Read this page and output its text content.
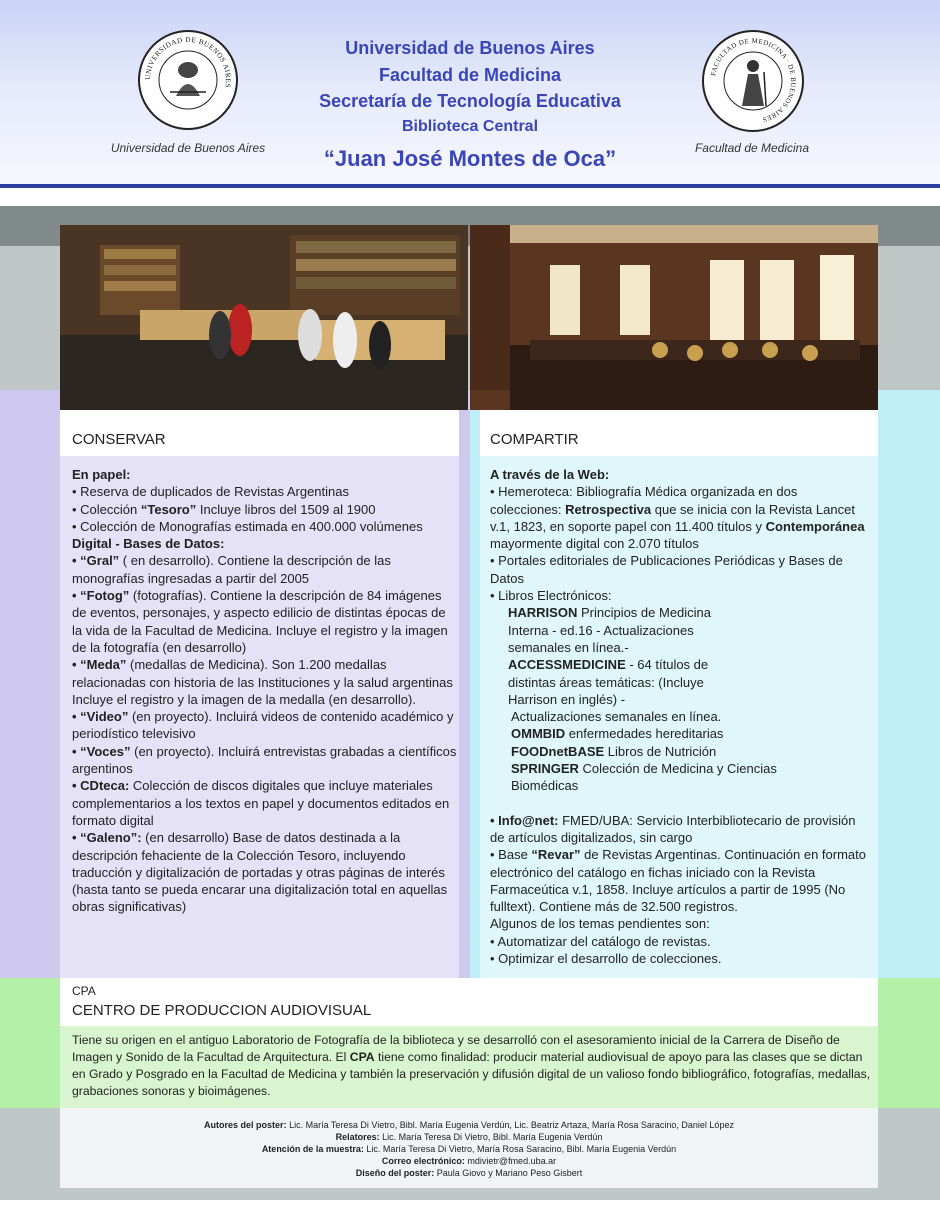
UNIVERSIDAD DE BUENOS AIRES
Universidad de Buenos Aires
Universidad de Buenos Aires
Facultad de Medicina
Secretaría de Tecnología Educativa
Biblioteca Central
“Juan José Montes de Oca”
FACULTAD DE MEDICINA · DE BUENOS AIRES
Facultad de Medicina
CONSERVAR

En papel:

• Reserva de duplicados de Revistas Argentinas

• Colección “Tesoro” Incluye libros del 1509 al 1900

• Colección de Monografías estimada en 400.000 volúmenes

Digital - Bases de Datos:

• “Gral” ( en desarrollo). Contiene la descripción de las monografías ingresadas a partir del 2005

• “Fotog” (fotografías). Contiene la descripción de 84 imágenes de eventos, personajes, y aspecto edilicio de distintas épocas de la vida de la Facultad de Medicina. Incluye el registro y la imagen de la fotografía (en desarrollo)

• “Meda” (medallas de Medicina). Son 1.200 medallas relacionadas con historia de las Instituciones y la salud argentinas Incluye el registro y la imagen de la medalla (en desarrollo).

• “Video” (en proyecto). Incluirá videos de contenido académico y periodístico televisivo

• “Voces” (en proyecto). Incluirá entrevistas grabadas a científicos argentinos

• CDteca: Colección de discos digitales que incluye materiales complementarios a los textos en papel y documentos editados en formato digital

• “Galeno”: (en desarrollo) Base de datos destinada a la descripción fehaciente de la Colección Tesoro, incluyendo traducción y digitalización de portadas y otras páginas de interés (hasta tanto se pueda encarar una digitalización total en aquellas obras significativas)

COMPARTIR

A través de la Web:

• Hemeroteca: Bibliografía Médica organizada en dos colecciones: Retrospectiva que se inicia con la Revista Lancet v.1, 1823, en soporte papel con 11.400 títulos y Contemporánea mayormente digital con 2.070 títulos

• Portales editoriales de Publicaciones Periódicas y Bases de Datos

• Libros Electrónicos:

HARRISON Principios de Medicina Interna - ed.16 - Actualizaciones semanales en línea.-

ACCESSMEDICINE - 64 títulos de distintas áreas temáticas: (Incluye Harrison en inglés) -

Actualizaciones semanales en línea.

OMMBID enfermedades hereditarias

FOODnetBASE Libros de Nutrición

SPRINGER Colección de Medicina y Ciencias Biomédicas

• Info@net: FMED/UBA: Servicio Interbibliotecario de provisión de artículos digitalizados, sin cargo

• Base “Revar” de Revistas Argentinas. Continuación en formato electrónico del catálogo en fichas iniciado con la Revista Farmaceútica v.1, 1858. Incluye artículos a partir de 1995 (No fulltext). Contiene más de 32.500 registros.

Algunos de los temas pendientes son:

• Automatizar del catálogo de revistas.

• Optimizar el desarrollo de colecciones.

CPA
CENTRO DE PRODUCCION AUDIOVISUAL
Tiene su origen en el antiguo Laboratorio de Fotografía de la biblioteca y se desarrolló con el asesoramiento inicial de la Carrera de Diseño de Imagen y Sonido de la Facultad de Arquitectura. El CPA tiene como finalidad: producir material audiovisual de apoyo para las clases que se dictan en Grado y Posgrado en la Facultad de Medicina y también la preservación y difusión digital de un valioso fondo bibliográfico, fotografías, medallas, grabaciones sonoras y bioimágenes.
Autores del poster: Lic. María Teresa Di Vietro, Bibl. María Eugenia Verdún, Lic. Beatriz Artaza, María Rosa Saracino, Daniel López
Relatores: Lic. María Teresa Di Vietro, Bibl. María Eugenia Verdún
Atención de la muestra: Lic. María Teresa Di Vietro, María Rosa Saracino, Bibl. María Eugenia Verdún
Correo electrónico: mdivietr@fmed.uba.ar
Diseño del poster: Paula Giovo y Mariano Peso Gisbert
